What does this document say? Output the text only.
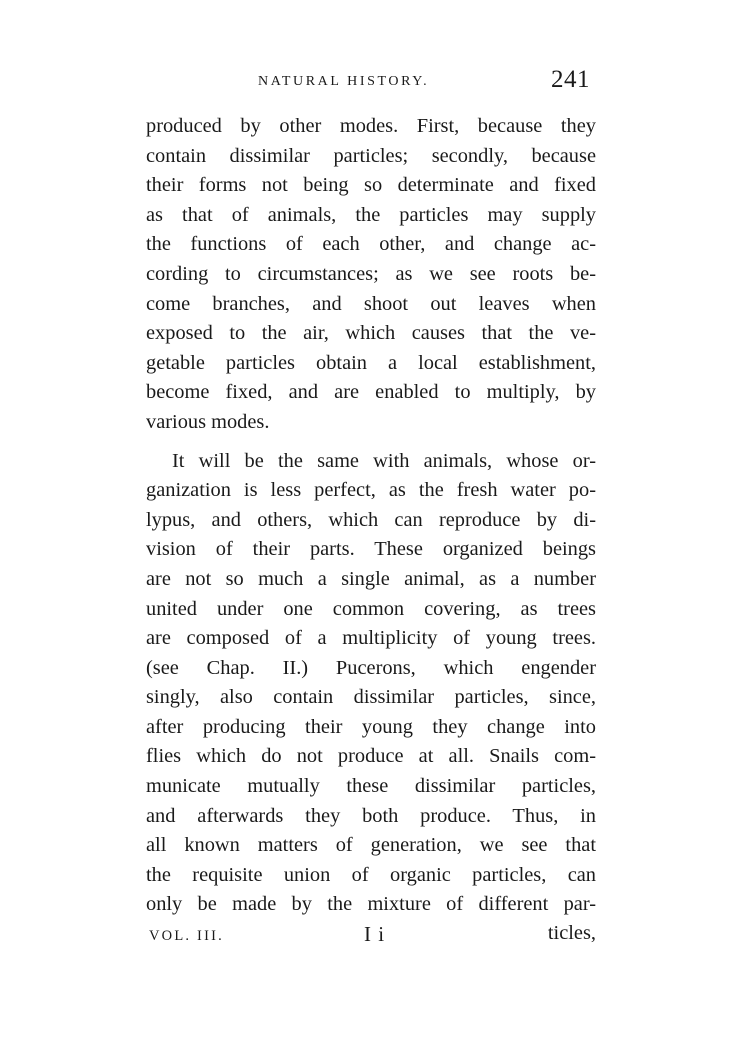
NATURAL HISTORY.	241
produced by other modes. First, because they
contain dissimilar particles; secondly, because
their forms not being so determinate and fixed
as that of animals, the particles may supply
the functions of each other, and change ac-
cording to circumstances; as we see roots be-
come branches, and shoot out leaves when
exposed to the air, which causes that the ve-
getable particles obtain a local establishment,
become fixed, and are enabled to multiply, by
various modes.
It will be the same with animals, whose or-
ganization is less perfect, as the fresh water po-
lypus, and others, which can reproduce by di-
vision of their parts. These organized beings
are not so much a single animal, as a number
united under one common covering, as trees
are composed of a multiplicity of young trees.
(see Chap. II.) Pucerons, which engender
singly, also contain dissimilar particles, since,
after producing their young they change into
flies which do not produce at all. Snails com-
municate mutually these dissimilar particles,
and afterwards they both produce. Thus, in
all known matters of generation, we see that
the requisite union of organic particles, can
only be made by the mixture of different par-
VOL. III.	I i	ticles,
